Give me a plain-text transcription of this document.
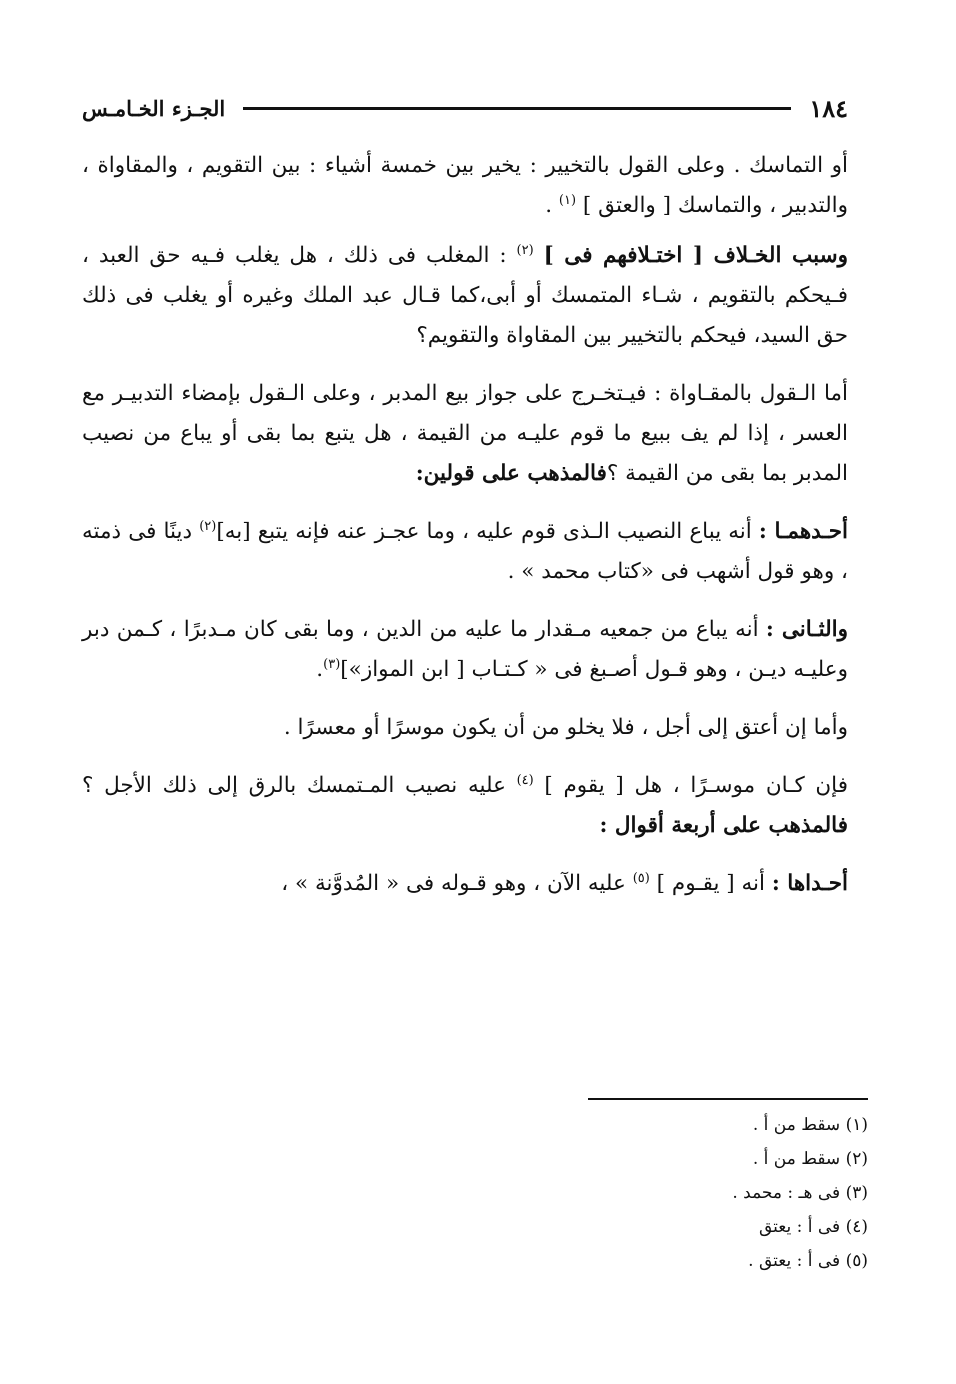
١٨٤
الجـزء الخـامـس

أو التماسك . وعلى القول بالتخيير : يخير بين خمسة أشياء : بين التقويم ، والمقاواة ، والتدبير ، والتماسك [ والعتق ] $^{(١)}$ .

وسبب الخـلاف [ اختـلافهم فى ] $^{(٢)}$ : المغلب فى ذلك ، هل يغلب فـيه حق العبد ، فـيحكم بالتقويم ، شـاء المتمسك أو أبى،كما قـال عبد الملك وغيره أو يغلب فى ذلك حق السيد، فيحكم بالتخيير بين المقاواة والتقويم؟

أما الـقول بالمقـاواة : فيـتخـرج على جواز بيع المدبر ، وعلى الـقول بإمضاء التدبيـر مع العسر ، إذا لم يف ببيع ما قوم عليـه من القيمة ، هل يتبع بما بقى أو يباع من نصيب المدبر بما بقى من القيمة ؟فالمذهب على قولين:

أحـدهمـا : أنه يباع النصيب الـذى قوم عليه ، وما عجـز عنه فإنه يتبع [به]$^{(٢)}$ دينًا فى ذمته ، وهو قول أشهب فى «كتاب محمد » .

والثـانى : أنه يباع من جمعيه مـقدار ما عليه من الدين ، وما بقى كان مـدبرًا ، كـمن دبر وعليـه ديـن ، وهو قـول أصـبغ فى « كـتـاب [ ابن المواز»]$^{(٣)}$.

وأما إن أعتق إلى أجل ، فلا يخلو من أن يكون موسرًا أو معسرًا .

فإن كـان موسـرًا ، هل [ يقوم ] $^{(٤)}$ عليه نصيب المـتمسك بالرق إلى ذلك الأجل ؟ فالمذهب على أربعة أقوال :

أحـداها : أنه [ يقـوم ] $^{(٥)}$ عليه الآن ، وهو قـوله فى « المُدوَّنة » ،

(١) سقط من أ .
(٢) سقط من أ .
(٣) فى هـ : محمد .
(٤) فى أ : يعتق
(٥) فى أ : يعتق .
